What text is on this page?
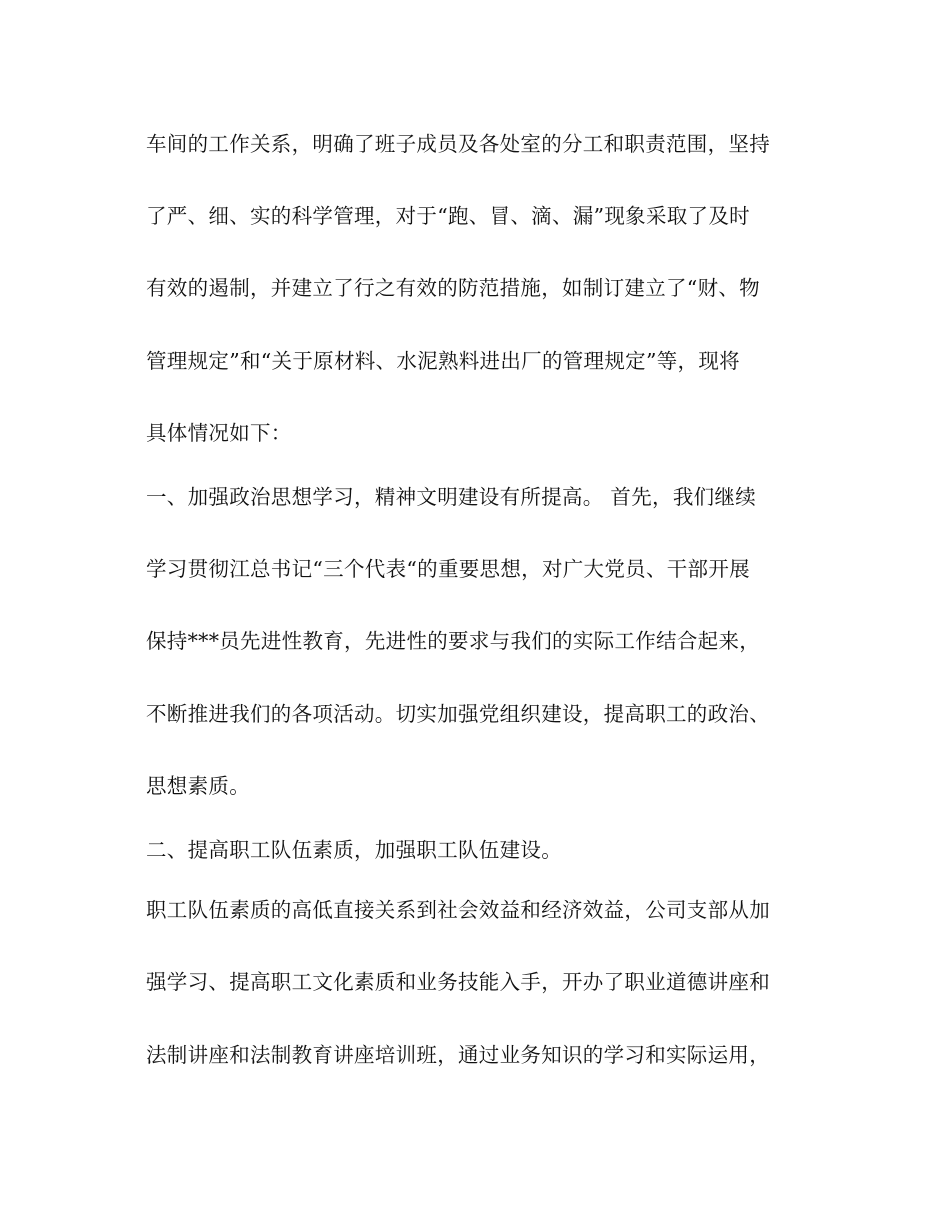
车间的工作关系，明确了班子成员及各处室的分工和职责范围，坚持
了严、细、实的科学管理，对于“跑、冒、滴、漏”现象采取了及时
有效的遏制，并建立了行之有效的防范措施，如制订建立了“财、物
管理规定”和“关于原材料、水泥熟料进出厂的管理规定”等，现将
具体情况如下：
一、加强政治思想学习，精神文明建设有所提高。 首先，我们继续
学习贯彻江总书记“三个代表“的重要思想，对广大党员、干部开展
保持***员先进性教育，先进性的要求与我们的实际工作结合起来，
不断推进我们的各项活动。切实加强党组织建设，提高职工的政治、
思想素质。
二、提高职工队伍素质，加强职工队伍建设。
职工队伍素质的高低直接关系到社会效益和经济效益，公司支部从加
强学习、提高职工文化素质和业务技能入手，开办了职业道德讲座和
法制讲座和法制教育讲座培训班，通过业务知识的学习和实际运用，
